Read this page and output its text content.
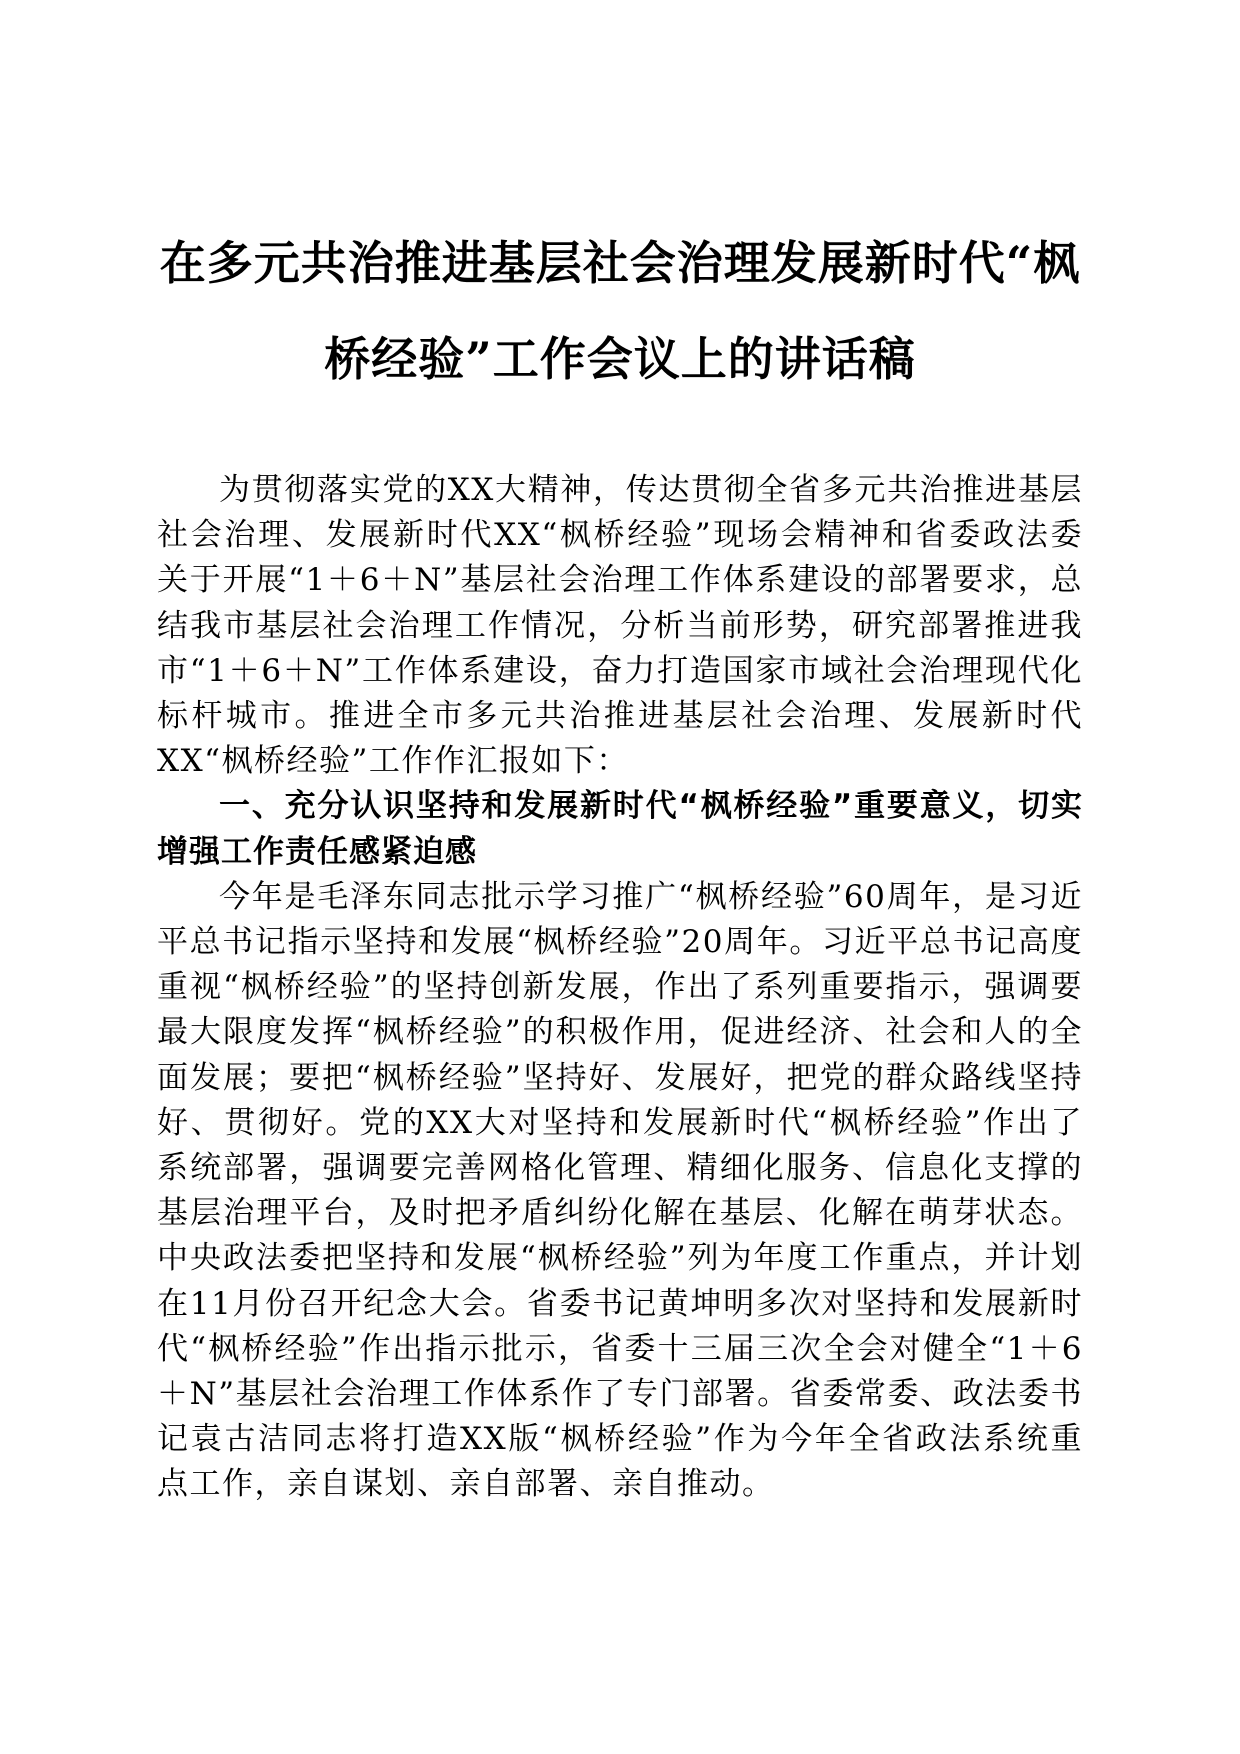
在多元共治推进基层社会治理发展新时代“枫桥经验”工作会议上的讲话稿

为贯彻落实党的XX大精神，传达贯彻全省多元共治推进基层社会治理、发展新时代XX“枫桥经验”现场会精神和省委政法委关于开展“1＋6＋N”基层社会治理工作体系建设的部署要求，总结我市基层社会治理工作情况，分析当前形势，研究部署推进我市“1＋6＋N”工作体系建设，奋力打造国家市域社会治理现代化标杆城市。推进全市多元共治推进基层社会治理、发展新时代XX“枫桥经验”工作作汇报如下：

一、充分认识坚持和发展新时代“枫桥经验”重要意义，切实增强工作责任感紧迫感

今年是毛泽东同志批示学习推广“枫桥经验”60周年，是习近平总书记指示坚持和发展“枫桥经验”20周年。习近平总书记高度重视“枫桥经验”的坚持创新发展，作出了系列重要指示，强调要最大限度发挥“枫桥经验”的积极作用，促进经济、社会和人的全面发展；要把“枫桥经验”坚持好、发展好，把党的群众路线坚持好、贯彻好。党的XX大对坚持和发展新时代“枫桥经验”作出了系统部署，强调要完善网格化管理、精细化服务、信息化支撑的基层治理平台，及时把矛盾纠纷化解在基层、化解在萌芽状态。中央政法委把坚持和发展“枫桥经验”列为年度工作重点，并计划在11月份召开纪念大会。省委书记黄坤明多次对坚持和发展新时代“枫桥经验”作出指示批示，省委十三届三次全会对健全“1＋6＋N”基层社会治理工作体系作了专门部署。省委常委、政法委书记袁古洁同志将打造XX版“枫桥经验”作为今年全省政法系统重点工作，亲自谋划、亲自部署、亲自推动。
